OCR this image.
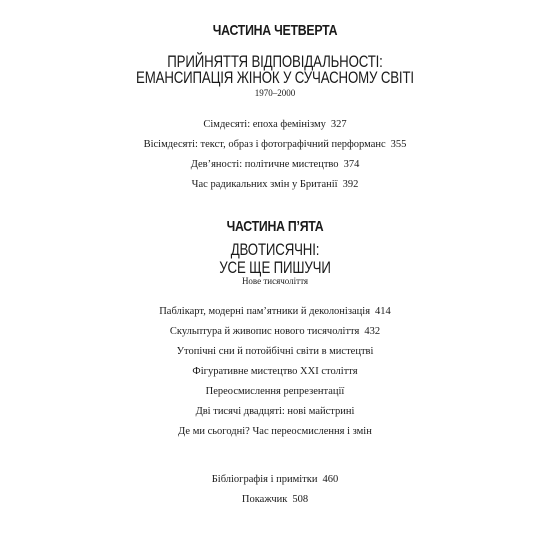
ЧАСТИНА ЧЕТВЕРТА
ПРИЙНЯТТЯ ВІДПОВІДАЛЬНОСТІ:
ЕМАНСИПАЦІЯ ЖІНОК У СУЧАСНОМУ СВІТІ
1970–2000
Сімдесяті: епоха фемінізму 327
Вісімдесяті: текст, образ і фотографічний перформанс 355
Дев’яності: політичне мистецтво 374
Час радикальних змін у Британії 392
ЧАСТИНА П’ЯТА
ДВОТИСЯЧНІ:
УСЕ ЩЕ ПИШУЧИ
Нове тисячоліття
Паблікарт, модерні пам’ятники й деколонізація 414
Скульптура й живопис нового тисячоліття 432
Утопічні сни й потойбічні світи в мистецтві
Фігуративне мистецтво XXI століття
Переосмислення репрезентації
Дві тисячі двадцяті: нові майстрині
Де ми сьогодні? Час переосмислення і змін
Бібліографія і примітки 460
Покажчик 508
